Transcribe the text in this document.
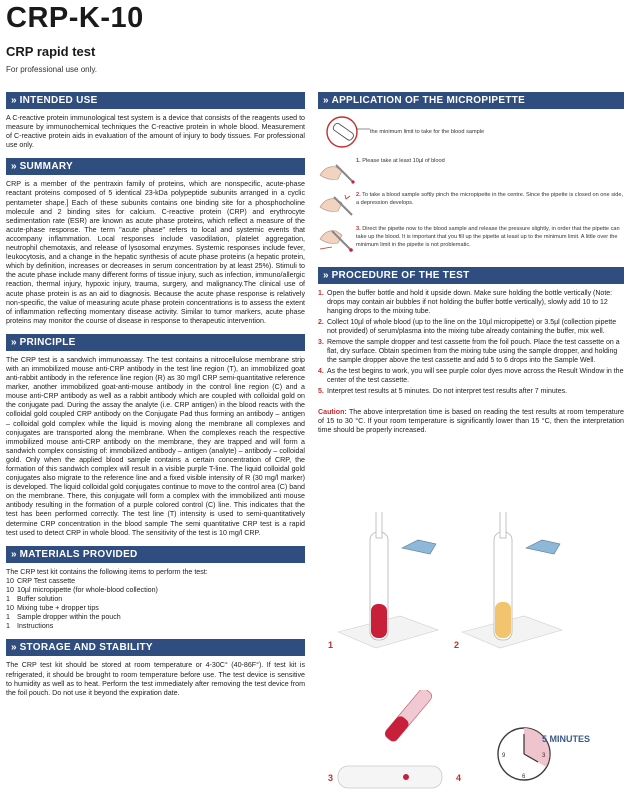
CRP-K-10
CRP rapid test
For professional use only.
» INTENDED USE
A C-reactive protein immunological test system is a device that consists of the reagents used to measure by immunochemical techniques the C-reactive protein in whole blood. Measurement of C-reactive protein aids in evaluation of the amount of injury to body tissues. For professional use only.
» SUMMARY
CRP is a member of the pentraxin family of proteins, which are nonspecific, acute-phase reactant proteins composed of 5 identical 23-kDa polypeptide subunits arranged in a cyclic pentameter shape.] Each of these subunits contains one binding site for a phosphocholine molecule and 2 binding sites for calcium. C-reactive protein (CRP) and erythrocyte sedimentation rate (ESR) are known as acute phase proteins, which reflect a measure of the acute-phase response. The term "acute phase" refers to local and systemic events that accompany inflammation. Local responses include vasodilation, platelet aggregation, neutrophil chemotaxis, and release of lysosomal enzymes. Systemic responses include fever, leukocytosis, and a change in the hepatic synthesis of acute phase proteins (a hepatic protein, which by definition, increases or decreases in serum concentration by at least 25%). Stimuli to the acute phase include many different forms of tissue injury, such as infection, immuno/allergic reaction, thermal injury, hypoxic injury, trauma, surgery, and malignancy.The clinical use of acute phase protein is as an aid to diagnosis. Because the acute phase response is relatively non-specific, the value of measuring acute phase protein concentrations is to assess the extent of inflammation reflecting momentary disease activity. Similar to tumor markers, acute phase proteins may monitor the course of disease in response to therapeutic intervention.
» PRINCIPLE
The CRP test is a sandwich immunoassay. The test contains a nitrocellulose membrane strip with an immobilized mouse anti-CRP antibody in the test line region (T), an immobilized goat anti-rabbit antibody in the reference line region (R) as 30 mg/l CRP semi-quantitative reference marker, another immobilized goat-anti-mouse antibody in the control line region (C) and a mouse anti-CRP antibody as well as a rabbit antibody which are coupled with colloidal gold on the conjugate pad. During the assay the analyte (i.e. CRP antigen) in the blood reacts with the colloidal gold coupled CRP antibody on the Conjugate Pad thus forming an antibody – antigen – colloidal gold complex while the liquid is moving along the membrane all complexes and conjugates are transported along the membrane. When the complexes reach the respective immobilized mouse anti-CRP antibody on the membrane, they are trapped and will form a sandwich complex consisting of: immobilized antibody – antigen (analyte) – antibody – colloidal gold. Only when the applied blood sample contains a certain concentration of CRP, the formation of this sandwich complex will result in a visible purple T-line. The liquid colloidal gold conjugates also migrate to the reference line and a fixed visible intensity of R (30 mg/l marker) is developed. The liquid colloidal gold conjugates continue to move to the control area (C) band on the membrane. There, this conjugate will form a complex with the immobilized anti mouse antibody resulting in the formation of a purple colored control (C) line. This indicates that the test has been performed correctly. The test line (T) intensity is used to semi-quantitatively determine CRP concentration in the blood sample The semi quantitative CRP test is a rapid test used to detect CRP in whole blood. The sensitivity of the test is 10 mg/l CRP.
» MATERIALS PROVIDED
The CRP test kit contains the following items to perform the test:
10 CRP Test cassette
10 10µl micropipette (for whole-blood collection)
1 Buffer solution
10 Mixing tube + dropper tips
1 Sample dropper within the pouch
1 Instructions
» STORAGE AND STABILITY
The CRP test kit should be stored at room temperature or 4-30C° (40-86F°). If test kit is refrigerated, it should be brought to room temperature before use. The test device is sensitive to humidity as well as to heat. Perform the test immediately after removing the test device from the foil pouch. Do not use it beyond the expiration date.
» APPLICATION OF THE MICROPIPETTE
the minimum limit to take for the blood sample
1. Please take at least 10µl of blood
2. To take a blood sample softly pinch the micropipette in the centre. Since the pipette is closed on one side, a depression develops.
3. Direct the pipette now to the blood sample and release the pressure slightly, in order that the pipette can take up the blood. It is important that you fill up the pipette at least up to the minimum limit. A little over the minimum limit in the pipette is not problematic.
» PROCEDURE OF THE TEST
1. Open the buffer bottle and hold it upside down. Make sure holding the bottle vertically (Note: drops may contain air bubbles if not holding the buffer bottle vertically), slowly add 10 to 12 hanging drops to the mixing tube.
2. Collect 10µl of whole blood (up to the line on the 10µl micropipette) or 3.5µl (collection pipette not provided) of serum/plasma into the mixing tube already containing the buffer, mix well.
3. Remove the sample dropper and test cassette from the foil pouch. Place the test cassette on a flat, dry surface. Obtain specimen from the mixing tube using the sample dropper, and holding the sample dropper above the test cassette and add 5 to 6 drops into the Sample Well.
4. As the test begins to work, you will see purple color dyes move across the Result Window in the center of the test cassette.
5. Interpret test results at 5 minutes. Do not interpret test results after 7 minutes.
Caution: The above interpretation time is based on reading the test results at room temperature of 15 to 30 °C. If your room temperature is significantly lower than 15 °C, then the interpretation time should be properly increased.
9	3
6
1	2
3	4
5 MINUTES
